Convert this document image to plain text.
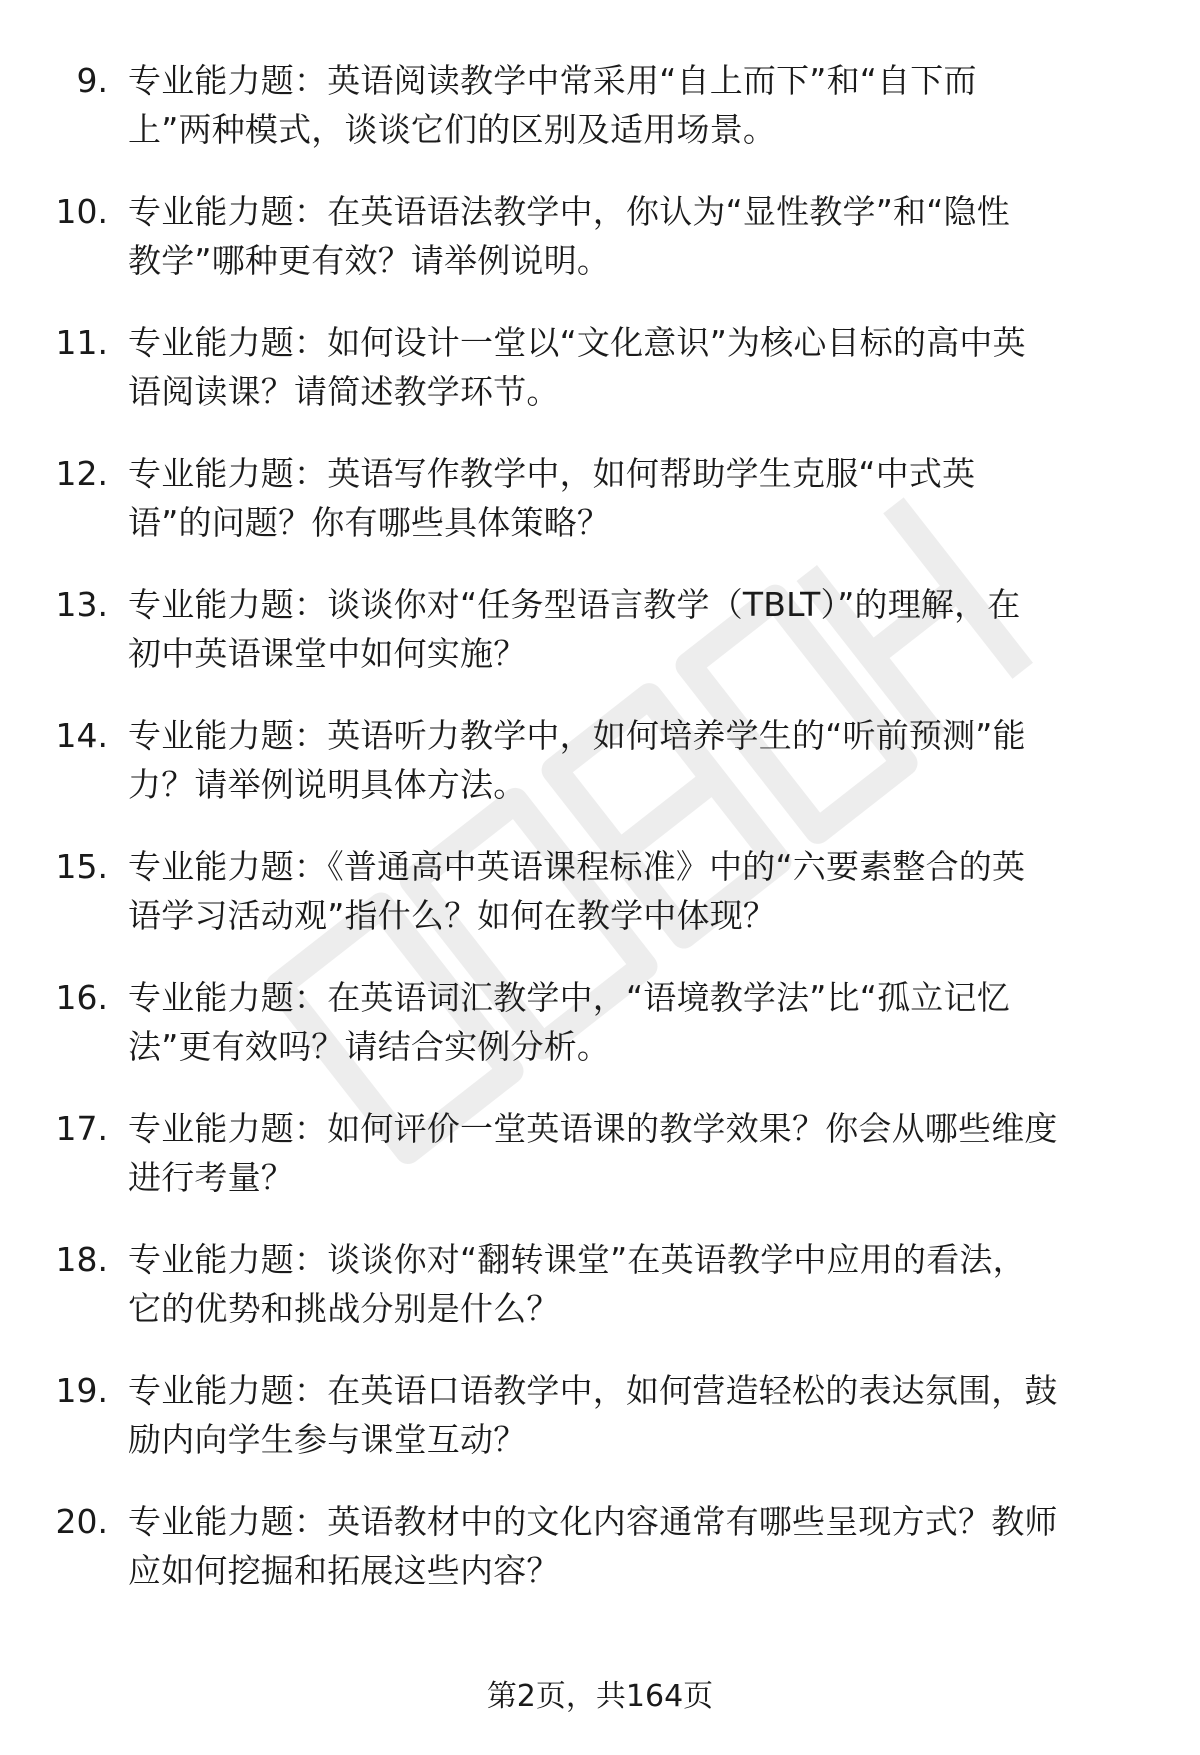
9. 专业能力题：英语阅读教学中常采用“自上而下”和“自下而
上”两种模式，谈谈它们的区别及适用场景。
10. 专业能力题：在英语语法教学中，你认为“显性教学”和“隐性
教学”哪种更有效？请举例说明。
11. 专业能力题：如何设计一堂以“文化意识”为核心目标的高中英
语阅读课？请简述教学环节。
12. 专业能力题：英语写作教学中，如何帮助学生克服“中式英
语”的问题？你有哪些具体策略？
13. 专业能力题：谈谈你对“任务型语言教学（TBLT）”的理解，在
初中英语课堂中如何实施？
14. 专业能力题：英语听力教学中，如何培养学生的“听前预测”能
力？请举例说明具体方法。
15. 专业能力题：《普通高中英语课程标准》中的“六要素整合的英
语学习活动观”指什么？如何在教学中体现？
16. 专业能力题：在英语词汇教学中，“语境教学法”比“孤立记忆
法”更有效吗？请结合实例分析。
17. 专业能力题：如何评价一堂英语课的教学效果？你会从哪些维度
进行考量？
18. 专业能力题：谈谈你对“翻转课堂”在英语教学中应用的看法，
它的优势和挑战分别是什么？
19. 专业能力题：在英语口语教学中，如何营造轻松的表达氛围，鼓
励内向学生参与课堂互动？
20. 专业能力题：英语教材中的文化内容通常有哪些呈现方式？教师
应如何挖掘和拓展这些内容？
第2页，共164页
